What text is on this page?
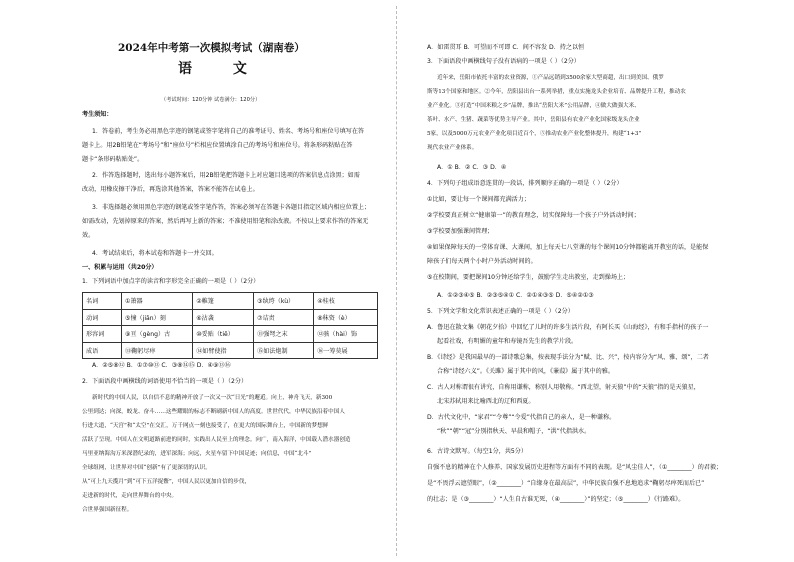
2024年中考第一次模拟考试（湖南卷）
语 文
（考试时间：120分钟 试卷满分：120分）
考生须知：
1．答卷前，考生务必用黑色字迹的钢笔或签字笔将自己的准考证号、姓名、考场号和座位号填写在答
题卡上。用2B铅笔在“考场号”和“座位号”栏相应位置填涂自己的考场号和座位号。将条形码粘贴在答
题卡“条形码粘贴处”。
2．作答选择题时，选出每小题答案后，用2B铅笔把答题卡上对应题目选项的答案信息点涂黑；如需
改动，用橡皮擦干净后，再选涂其他答案，答案不能答在试卷上。
3．非选择题必须用黑色字迹的钢笔或签字笔作答，答案必须写在答题卡各题目指定区域内相应位置上；
如需改动，先划掉原来的答案，然后再写上新的答案；不准使用铅笔和涂改液。不按以上要求作答的答案无
效。
4．考试结束后，将本试卷和答题卡一并交回。
一、积累与运用（共20分）
1．下列词语中加点字的读音和字形完全正确的一项是（ ）（2分）
名词	①箫器	②帷篷	③纨绔（kù）	④桂枝
动词	⑤憧（jiān）刻	⑥沾袭	⑦诘责	⑧秣资（è）
形容词	⑨亘（gèng）古	⑩妥贴（tiē）	⑪强弩之末	⑫骇（hài）饰
成语	⑬鞠躬尽瘁	⑭如臂使指	⑮如法炮制	⑯一筹莫展
A．②⑤⑧⑫ B．①⑦⑩⑬ C．③⑧⑭⑮ D．④⑨⑬⑯
2．下面语段中画横线的词语使用不恰当的一项是（ ）（2分）
新时代的中国人民，以自信不息的精神开放了一次又一次“日光”的邂逅。向上，神舟飞天，新300
公里到达；向深，蛟龙、奋斗……这些耀眼的标志不断刷新中国人的高度。世世代代，中华民族沿着中国人
行进大道，“天宫”和“太空”在交汇，万千网点一刻也接受了，在更大的国际舞台上，中国新的梦想鲜
活跃了呈现。中国人在文明道路前进的同时，实践出人民至上的理念。向广，南入海洋，中国载人潜水器创造
马里亚纳海沟万米深潜纪录的，进军深海；向远，火星车留下中国足迹；向信息，中国“北斗”
全球组网，让世界对中国“创新”有了更深切的认识。
从“可上九天揽月”到“可下五洋捉鳖”，中国人民以更加自信的步伐，
走进新的时代，走向世界舞台的中央。
合世界强国新征程。
A．如雷贯耳 B．可望而不可即 C．间不容发 D．持之以恒
3．下面语段中画横线句子没有语病的一项是（ ）（2分）
近年来，岳阳市依托丰富的农业资源，①产品远销到3500余家大型商超，出口到美国、俄罗
斯等13个国家和地区。②今年，岳阳县出台一系列举措，重点实施龙头企业培育、品牌提升工程，推动农
业产业化。③打造“中国米粮之乡”品牌，推出“岳阳大米”公用品牌，④做大做强大米、
茶叶、水产、生猪、蔬菜等优势主导产业。其中，岳阳县有农业产业化国家级龙头企业
5家，以及5000万元农业产业化项目近百个，⑤推动农业产业化整体提升，构建“1+3”
现代农业产业体系。
A．① B．② C．③ D．④
4．下列句子组成语意连贯的一段话，排列顺序正确的一项是（ ）（2分）
①比如，要让每一个课间都充满活力；
②学校要真正树立“健康第一”的教育理念，切实保障每一个孩子户外活动时间；
③学校要加强课间管理；
④如果保障每天的一堂体育课、大课间，加上每天七八堂课的每个课间10分钟都能离开教室的话，是能保
障孩子们每天两个小时户外活动时间的。
⑤在校期间，要把课间10分钟还给学生，鼓励学生走出教室，走到操场上；
A．①②③④⑤ B．②③⑤④① C．②①④③⑤ D．⑤④②①③
5．下列文学和文化常识表述正确的一项是（ ）（2分）
A．鲁迅在散文集《朝花夕拾》中回忆了儿时的许多生活片段，有阿长买《山海经》，有和手指村的孩子一
起看社戏，有明媚的童年和寿镜吾先生的教学片段。
B．《诗经》是我国最早的一部诗歌总集，按表现手法分为“赋、比、兴”，按内容分为“风、雅、颂”，二者
合称“诗经六义”。《关雎》属于其中的风，《蒹葭》属于其中的雅。
C．古人对称谓很有讲究，自称用谦称，称别人用敬称。“西北望，射天狼”中的“天狼”指的是天狼星，
北宋苏轼用来比喻西北的辽和西夏。
D．古代文化中，“家君”“令尊”“令爱”代指自己的亲人，是一种谦称。
“秋”“朝”“冠”分别指秋天、早晨和帽子，“洪”代指洪水。
6．古诗文默写。（每空1分，共5分）
自强不息的精神在个人修养、国家发展历史进程等方面有不同的表现。是“风尘佳人”，（①________）的君毅；
是“不畏浮云遮望眼”，（②________）“自缘身在最高层”，中华民族自强不息地追求“鞠躬尽瘁死而后已”
的壮志；是（③________）“人生自古谁无死，（④________）”的坚定；（⑤________）《行路难》。
